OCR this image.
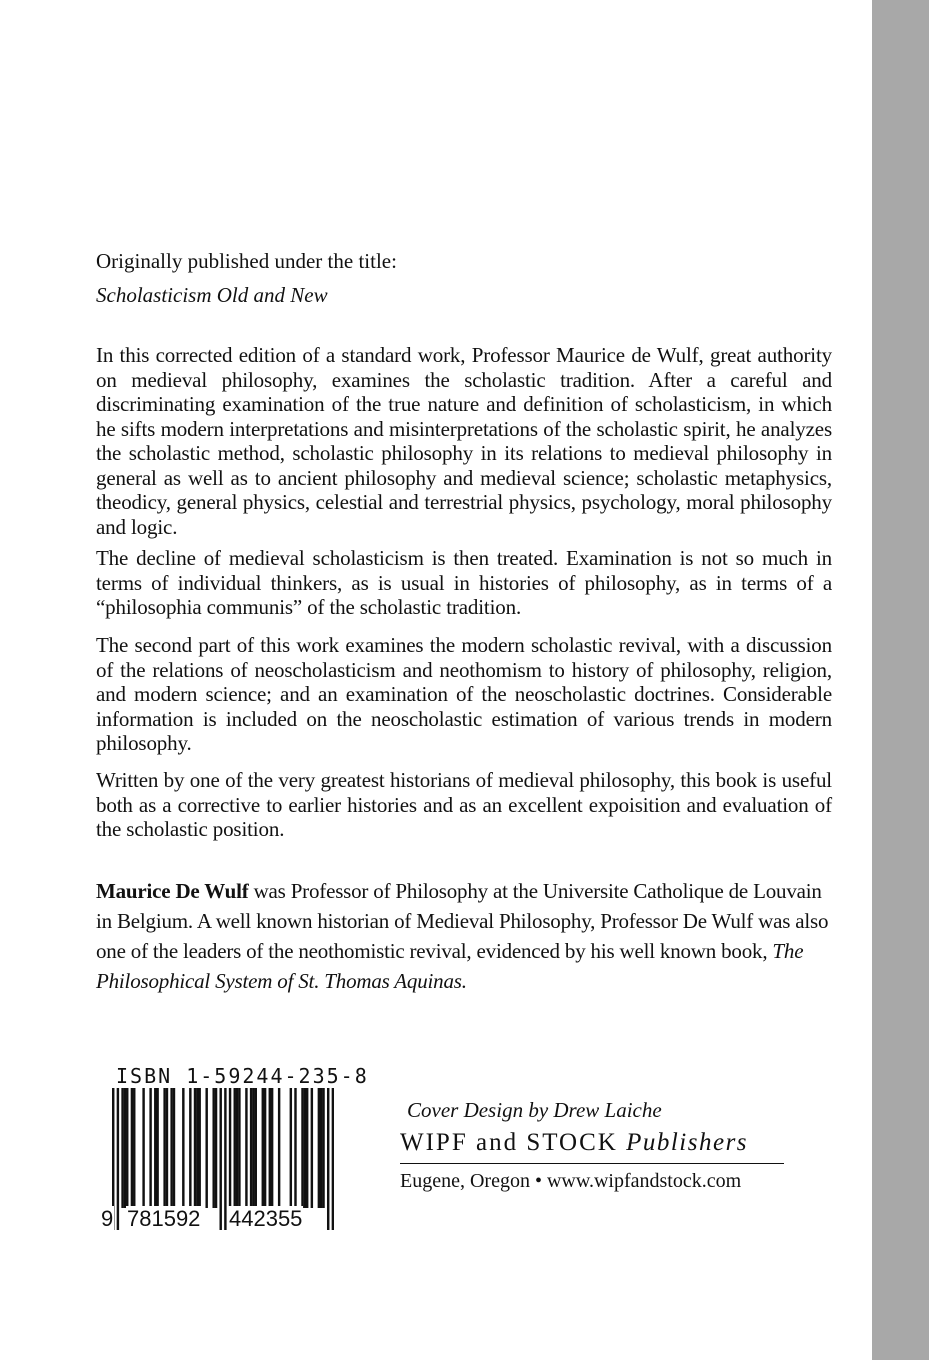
Originally published under the title:

Scholasticism Old and New
In this corrected edition of a standard work, Professor Maurice de Wulf, great authority on medieval philosophy, examines the scholastic tradition. After a careful and discriminating examination of the true nature and definition of scholasticism, in which he sifts modern interpretations and misinterpretations of the scholastic spirit, he analyzes the scholastic method, scholastic philosophy in its relations to medieval philosophy in general as well as to ancient philosophy and medieval science; scholastic metaphysics, theodicy, general physics, celestial and terrestrial physics, psychology, moral philosophy and logic.
The decline of medieval scholasticism is then treated. Examination is not so much in terms of individual thinkers, as is usual in histories of philosophy, as in terms of a “philosophia communis” of the scholastic tradition.
The second part of this work examines the modern scholastic revival, with a discussion of the relations of neoscholasticism and neothomism to history of philosophy, religion, and modern science; and an examination of the neoscholastic doctrines. Considerable information is included on the neoscholastic estimation of various trends in modern philosophy.
Written by one of the very greatest historians of medieval philosophy, this book is useful both as a corrective to earlier histories and as an excellent expoisition and evaluation of the scholastic position.
Maurice De Wulf was Professor of Philosophy at the Universite Catholique de Louvain in Belgium. A well known historian of Medieval Philosophy, Professor De Wulf was also one of the leaders of the neothomistic revival, evidenced by his well known book, The Philosophical System of St. Thomas Aquinas.
ISBN 1-59244-235-8
9 781592 442355
Cover Design by Drew Laiche
WIPF and STOCK Publishers
Eugene, Oregon • www.wipfandstock.com
